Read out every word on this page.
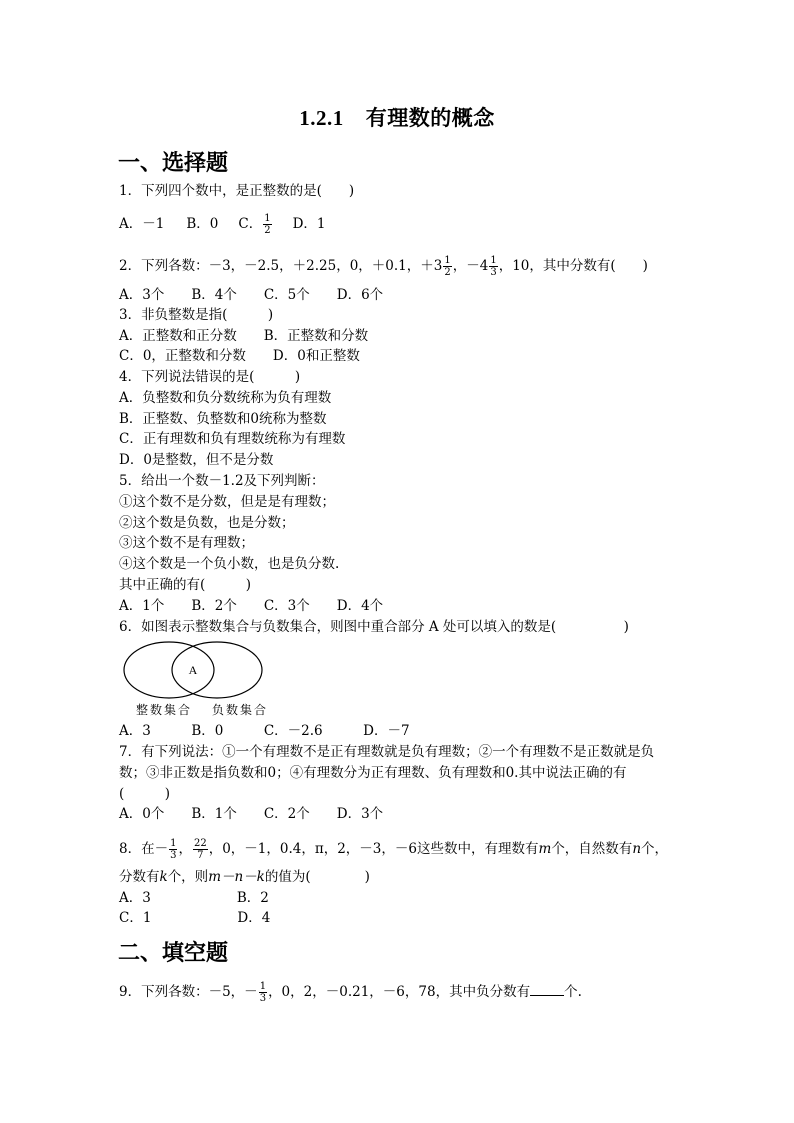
1.2.1 有理数的概念
一、选择题
1．下列四个数中，是正整数的是(　　)
A．－1 B．0 C． $\frac{1}{2}$ D．1
2．下列各数：－3，－2.5，＋2.25，0，＋0.1，$+3 \frac{1}{2}$ ，$-4 \frac{1}{3}$ ，10，其中分数有(　　)
A．3个　　B．4个　　C．5个　　D．6个
3．非负整数是指(　　　)
A．正整数和正分数　　B．正整数和分数
C．0，正整数和分数　　D．0和正整数
4．下列说法错误的是(　　　)
A．负整数和负分数统称为负有理数
B．正整数、负整数和0统称为整数
C．正有理数和负有理数统称为有理数
D．0是整数，但不是分数
5．给出一个数－1.2及下列判断：
①这个数不是分数，但是是有理数；
②这个数是负数，也是分数；
③这个数不是有理数；
④这个数是一个负小数，也是负分数.
其中正确的有(　　　)
A．1个　　B．2个　　C．3个　　D．4个
6．如图表示整数集合与负数集合，则图中重合部分 A 处可以填入的数是(　　　　　)
A
整数集合 负数集合
A．3　　　B．0　　　C．－2.6　　　D．－7
7．有下列说法：①一个有理数不是正有理数就是负有理数；②一个有理数不是正数就是负
数；③非正数是指负数和0；④有理数分为正有理数、负有理数和0.其中说法正确的有
(　　　)
A．0个　　B．1个　　C．2个　　D．3个
8．在－ $\frac{1}{3}$ ， $\frac{22}{7}$ ，0，－1，0.4，π，2，－3，－6这些数中，有理数有m个，自然数有n个，
分数有k个，则m－n－k的值为(　　　　)
A．3	B．2
C．1	D．4
二、填空题
9．下列各数：－5，－ $\frac{1}{3}$ ，0，2，－0.21，－6，78，其中负分数有	个.
